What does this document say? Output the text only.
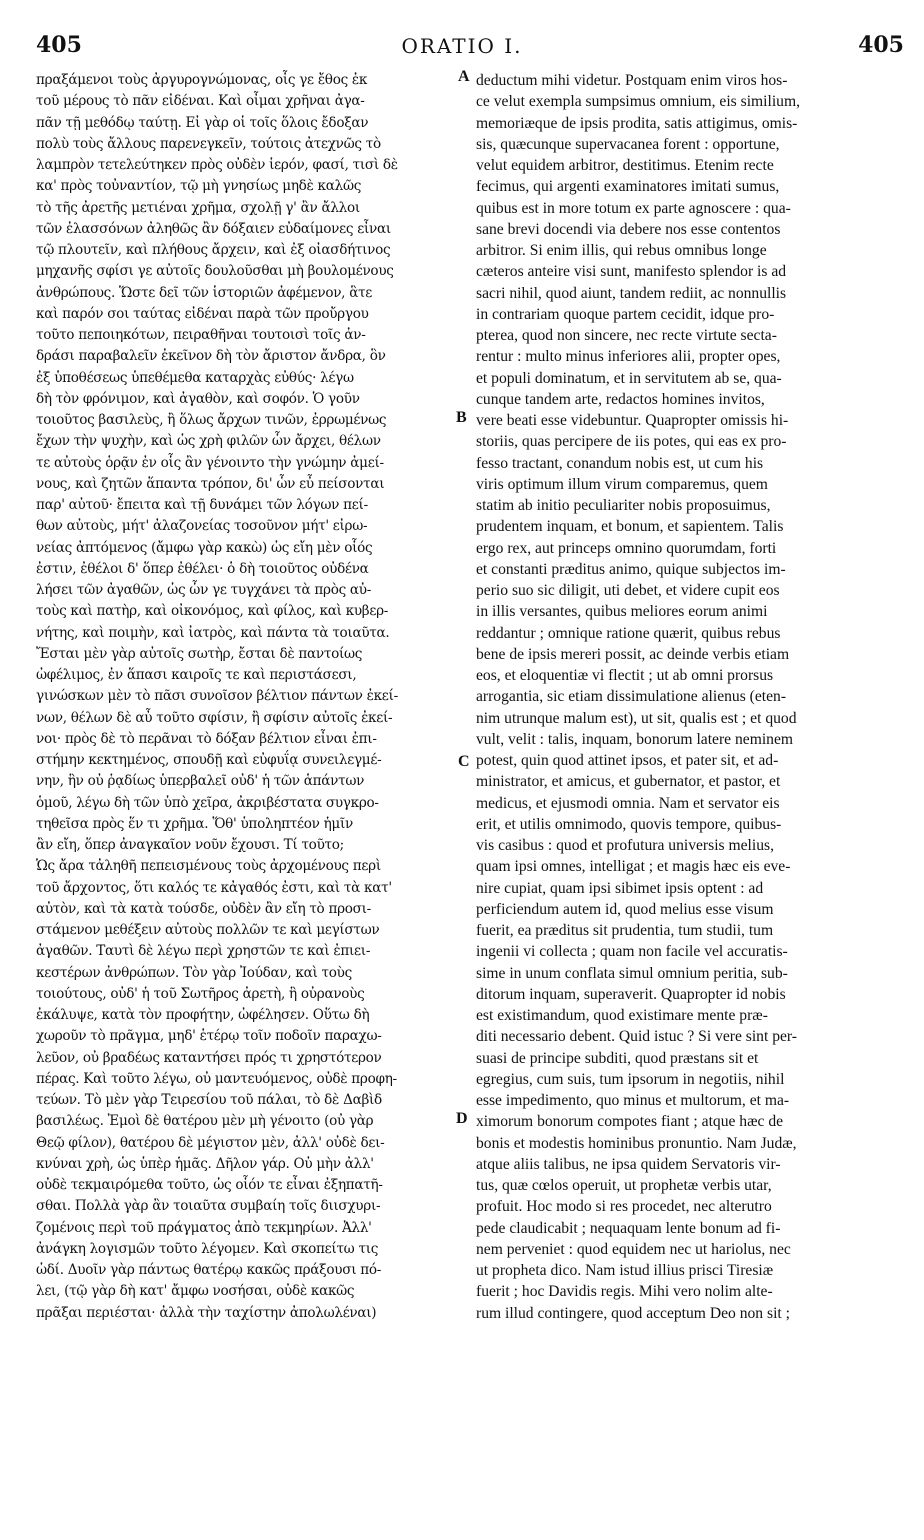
405	ORATIO I.	405
πραξάμενοι τοὺς ἀργυρογνώμονας, οἷς γε ἔθος ἐκ
τοῦ μέρους τὸ πᾶν εἰδέναι. Καὶ οἶμαι χρῆναι ἀγα-
πᾶν τῇ μεθόδῳ ταύτῃ. Εἰ γὰρ οἱ τοῖς ὅλοις ἔδοξαν
πολὺ τοὺς ἄλλους παρενεγκεῖν, τούτοις ἀτεχνῶς τὸ
λαμπρὸν τετελεύτηκεν πρὸς οὐδὲν ἱερόν, φασί, τισὶ δὲ
κα' πρὸς τοὐναντίον, τῷ μὴ γνησίως μηδὲ καλῶς
τὸ τῆς ἀρετῆς μετιέναι χρῆμα, σχολῇ γ' ἂν ἄλλοι
τῶν ἐλασσόνων ἀληθῶς ἂν δόξαιεν εὐδαίμονες εἶναι
τῷ πλουτεῖν, καὶ πλήθους ἄρχειν, καὶ ἐξ οἰασδήτινος
μηχανῆς σφίσι γε αὐτοῖς δουλοῦσθαι μὴ βουλομένους
ἀνθρώπους. Ὥστε δεῖ τῶν ἱστοριῶν ἀφέμενον, ἃτε
καὶ παρόν σοι ταύτας εἰδέναι παρὰ τῶν προὔργου
τοῦτο πεποιηκότων, πειραθῆναι τουτοισὶ τοῖς ἀν-
δράσι παραβαλεῖν ἐκεῖνον δὴ τὸν ἄριστον ἄνδρα, ὃν
ἐξ ὑποθέσεως ὑπεθέμεθα καταρχὰς εὐθύς· λέγω
δὴ τὸν φρόνιμον, καὶ ἀγαθὸν, καὶ σοφόν. Ὁ γοῦν
τοιοῦτος βασιλεὺς, ἢ ὅλως ἄρχων τινῶν, ἐρρωμένως
ἔχων τὴν ψυχὴν, καὶ ὡς χρὴ φιλῶν ὧν ἄρχει, θέλων
τε αὐτοὺς ὁρᾷν ἐν οἷς ἂν γένοιντο τὴν γνώμην ἀμεί-
νους, καὶ ζητῶν ἅπαντα τρόπον, δι' ὧν εὖ πείσονται
παρ' αὐτοῦ· ἔπειτα καὶ τῇ δυνάμει τῶν λόγων πεί-
θων αὐτοὺς, μήτ' ἀλαζονείας τοσοῦνον μήτ' εἰρω-
νείας ἀπτόμενος (ἄμφω γὰρ κακὼ) ὡς εἴη μὲν οἷός
ἐστιν, ἐθέλοι δ' ὅπερ ἐθέλει· ὁ δὴ τοιοῦτος οὐδένα
λήσει τῶν ἀγαθῶν, ὡς ὧν γε τυγχάνει τὰ πρὸς αὐ-
τοὺς καὶ πατὴρ, καὶ οἰκονόμος, καὶ φίλος, καὶ κυβερ-
νήτης, καὶ ποιμὴν, καὶ ἰατρὸς, καὶ πάντα τὰ τοιαῦτα.
Ἔσται μὲν γὰρ αὐτοῖς σωτὴρ, ἔσται δὲ παντοίως
ὠφέλιμος, ἐν ἅπασι καιροῖς τε καὶ περιστάσεσι,
γινώσκων μὲν τὸ πᾶσι συνοῖσον βέλτιον πάντων ἐκεί-
νων, θέλων δὲ αὖ τοῦτο σφίσιν, ἢ σφίσιν αὐτοῖς ἐκεί-
νοι· πρὸς δὲ τὸ περᾶναι τὸ δόξαν βέλτιον εἶναι ἐπι-
στήμην κεκτημένος, σπουδῇ καὶ εὐφυΐᾳ συνειλεγμέ-
νην, ἣν οὐ ῥᾳδίως ὑπερβαλεῖ οὐδ' ἡ τῶν ἁπάντων
ὁμοῦ, λέγω δὴ τῶν ὑπὸ χεῖρα, ἀκριβέστατα συγκρο-
τηθεῖσα πρὸς ἕν τι χρῆμα. Ὅθ' ὑποληπτέον ἡμῖν
ἂν εἴη, ὅπερ ἀναγκαῖον νοῦν ἔχουσι. Τί τοῦτο;
Ὡς ἄρα τἀληθῆ πεπεισμένους τοὺς ἀρχομένους περὶ
τοῦ ἄρχοντος, ὅτι καλός τε κἀγαθός ἐστι, καὶ τὰ κατ'
αὐτὸν, καὶ τὰ κατὰ τούσδε, οὐδὲν ἂν εἴη τὸ προσι-
στάμενον μεθέξειν αὐτοὺς πολλῶν τε καὶ μεγίστων
ἀγαθῶν. Ταυτὶ δὲ λέγω περὶ χρηστῶν τε καὶ ἐπιει-
κεστέρων ἀνθρώπων. Τὸν γὰρ Ἰούδαν, καὶ τοὺς
τοιούτους, οὐδ' ἡ τοῦ Σωτῆρος ἀρετὴ, ἣ οὐρανοὺς
ἐκάλυψε, κατὰ τὸν προφήτην, ὠφέλησεν. Οὕτω δὴ
χωροῦν τὸ πρᾶγμα, μηδ' ἑτέρῳ τοῖν ποδοῖν παραχω-
λεῦον, οὐ βραδέως καταντήσει πρός τι χρηστότερον
πέρας. Καὶ τοῦτο λέγω, οὐ μαντευόμενος, οὐδὲ προφη-
τεύων. Τὸ μὲν γὰρ Τειρεσίου τοῦ πάλαι, τὸ δὲ Δαβὶδ
βασιλέως. Ἐμοὶ δὲ θατέρου μὲν μὴ γένοιτο (οὐ γὰρ
Θεῷ φίλον), θατέρου δὲ μέγιστον μὲν, ἀλλ' οὐδὲ δει-
κνύναι χρὴ, ὡς ὑπὲρ ἡμᾶς. Δῆλον γάρ. Οὐ μὴν ἀλλ'
οὐδὲ τεκμαιρόμεθα τοῦτο, ὡς οἷόν τε εἶναι ἐξηπατῆ-
σθαι. Πολλὰ γὰρ ἂν τοιαῦτα συμβαίη τοῖς διισχυρι-
ζομένοις περὶ τοῦ πράγματος ἀπὸ τεκμηρίων. Ἀλλ'
ἀνάγκη λογισμῶν τοῦτο λέγομεν. Καὶ σκοπείτω τις
ὡδί. Δυοῖν γὰρ πάντως θατέρῳ κακῶς πράξουσι πό-
λει, (τῷ γὰρ δὴ κατ' ἄμφω νοσήσαι, οὐδὲ κακῶς
πρᾶξαι περιέσται· ἀλλὰ τὴν ταχίστην ἀπολωλέναι)
deductum mihi videtur. Postquam enim viros hos-
ce velut exempla sumpsimus omnium, eis similium,
memoriæque de ipsis prodita, satis attigimus, omis-
sis, quæcunque supervacanea forent : opportune,
velut equidem arbitror, destitimus. Etenim recte
fecimus, qui argenti examinatores imitati sumus,
quibus est in more totum ex parte agnoscere : qua-
sane brevi docendi via debere nos esse contentos
arbitror. Si enim illis, qui rebus omnibus longe
cæteros anteire visi sunt, manifesto splendor is ad
sacri nihil, quod aiunt, tandem rediit, ac nonnullis
in contrariam quoque partem cecidit, idque pro-
pterea, quod non sincere, nec recte virtute secta-
rentur : multo minus inferiores alii, propter opes,
et populi dominatum, et in servitutem ab se, qua-
cunque tandem arte, redactos homines invitos,
vere beati esse videbuntur. Quapropter omissis hi-
storiis, quas percipere de iis potes, qui eas ex pro-
fesso tractant, conandum nobis est, ut cum his
viris optimum illum virum comparemus, quem
statim ab initio peculiariter nobis proposuimus,
prudentem inquam, et bonum, et sapientem. Talis
ergo rex, aut princeps omnino quorumdam, forti
et constanti præditus animo, quique subjectos im-
perio suo sic diligit, uti debet, et videre cupit eos
in illis versantes, quibus meliores eorum animi
reddantur ; omnique ratione quærit, quibus rebus
bene de ipsis mereri possit, ac deinde verbis etiam
eos, et eloquentiæ vi flectit ; ut ab omni prorsus
arrogantia, sic etiam dissimulatione alienus (eten-
nim utrunque malum est), ut sit, qualis est ; et quod
vult, velit : talis, inquam, bonorum latere neminem
potest, quin quod attinet ipsos, et pater sit, et ad-
ministrator, et amicus, et gubernator, et pastor, et
medicus, et ejusmodi omnia. Nam et servator eis
erit, et utilis omnimodo, quovis tempore, quibus-
vis casibus : quod et profutura universis melius,
quam ipsi omnes, intelligat ; et magis hæc eis eve-
nire cupiat, quam ipsi sibimet ipsis optent : ad
perficiendum autem id, quod melius esse visum
fuerit, ea præditus sit prudentia, tum studii, tum
ingenii vi collecta ; quam non facile vel accuratis-
sime in unum conflata simul omnium peritia, sub-
ditorum inquam, superaverit. Quapropter id nobis
est existimandum, quod existimare mente præ-
diti necessario debent. Quid istuc ? Si vere sint per-
suasi de principe subditi, quod præstans sit et
egregius, cum suis, tum ipsorum in negotiis, nihil
esse impedimento, quo minus et multorum, et ma-
ximorum bonorum compotes fiant ; atque hæc de
bonis et modestis hominibus pronuntio. Nam Judæ,
atque aliis talibus, ne ipsa quidem Servatoris vir-
tus, quæ cœlos operuit, ut prophetæ verbis utar,
profuit. Hoc modo si res procedet, nec alterutro
pede claudicabit ; nequaquam lente bonum ad fi-
nem perveniet : quod equidem nec ut hariolus, nec
ut propheta dico. Nam istud illius prisci Tiresiæ
fuerit ; hoc Davidis regis. Mihi vero nolim alte-
rum illud contingere, quod acceptum Deo non sit ;
A
B
C
D
